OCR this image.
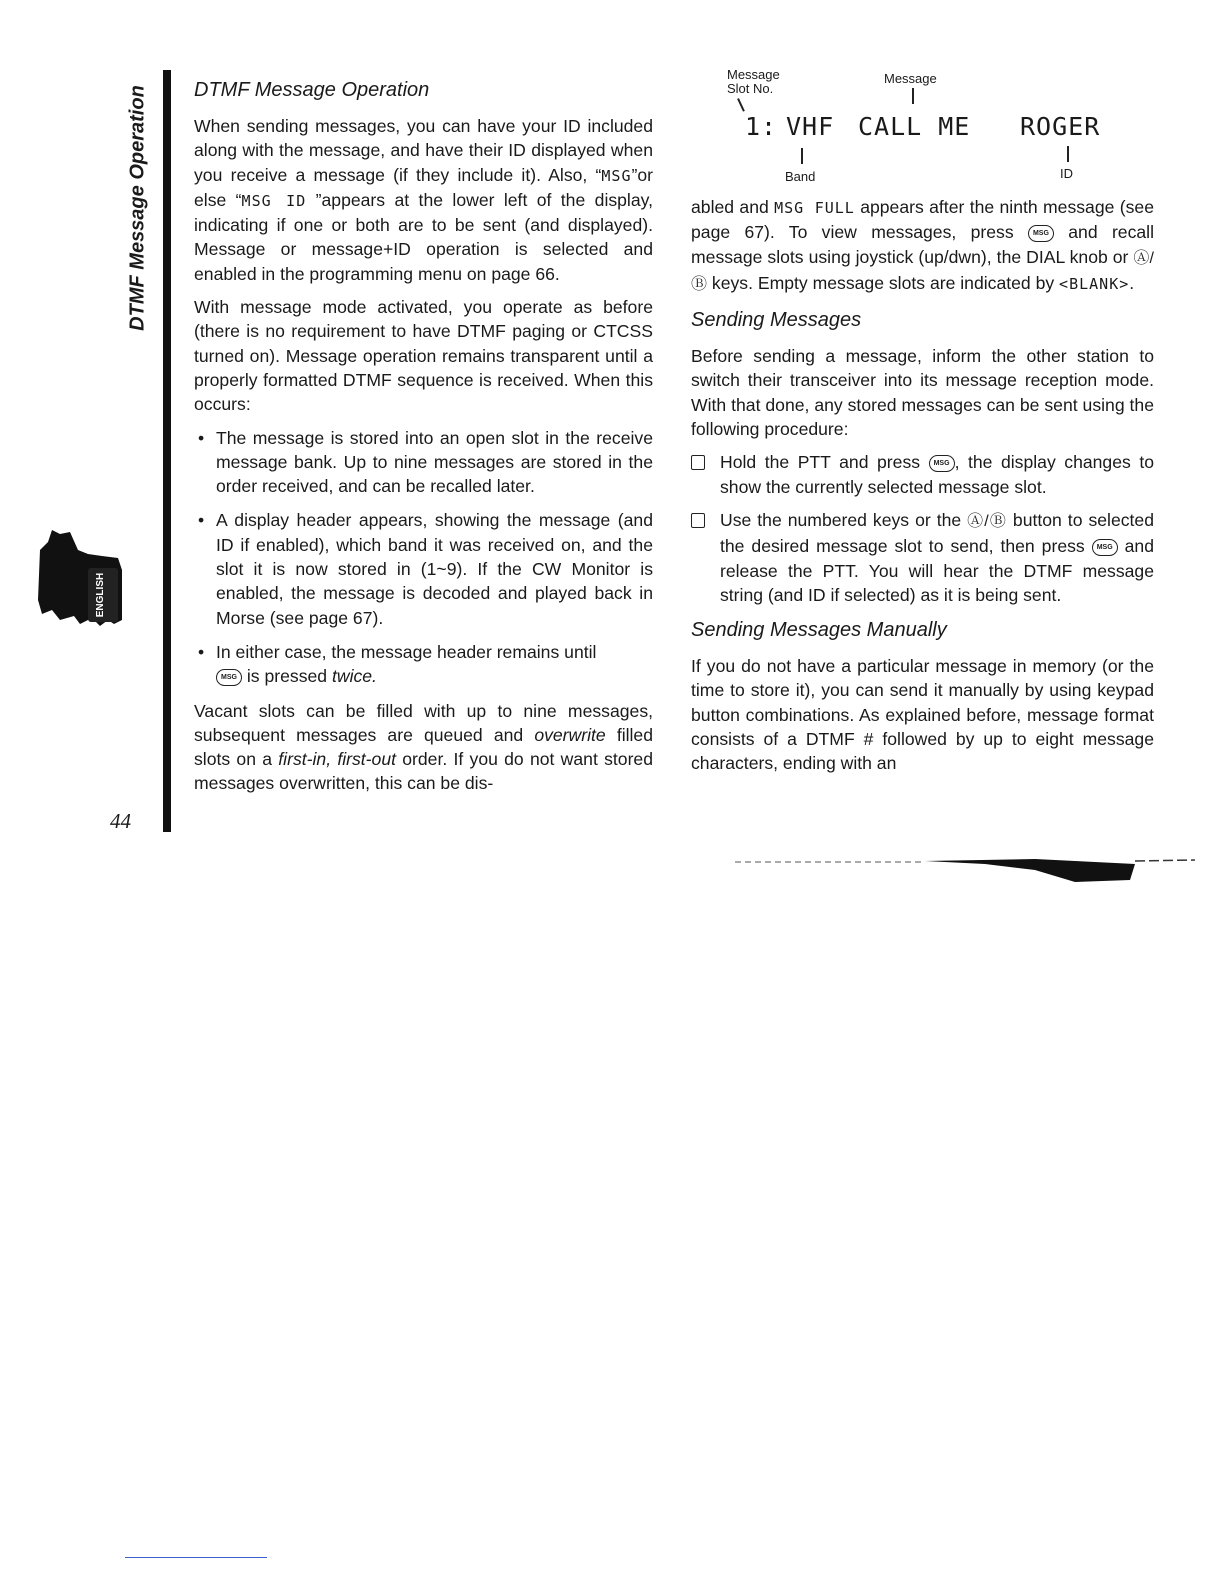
DTMF Message Operation
44
ENGLISH
DTMF Message Operation

When sending messages, you can have your ID included along with the message, and have their ID displayed when you receive a message (if they include it). Also, “MSG”or else “MSG ID ”appears at the lower left of the display, indicating if one or both are to be sent (and displayed). Message or message+ID operation is selected and enabled in the programming menu on page 66.

With message mode activated, you operate as before (there is no requirement to have DTMF paging or CTCSS turned on). Message operation remains transparent until a properly formatted DTMF sequence is received. When this occurs:

• The message is stored into an open slot in the receive message bank. Up to nine messages are stored in the order received, and can be recalled later.
• A display header appears, showing the message (and ID if enabled), which band it was received on, and the slot it is now stored in (1~9). If the CW Monitor is enabled, the message is decoded and played back in Morse (see page 67).
• In either case, the message header remains until
MSG is pressed twice.

Vacant slots can be filled with up to nine messages, subsequent messages are queued and overwrite filled slots on a first-in, first-out order. If you do not want stored messages overwritten, this can be dis-

Message
Slot No.
Message
1: VHF CALL ME ROGER
Band	ID

abled and MSG FULL appears after the ninth message (see page 67). To view messages, press MSG and recall message slots using joystick (up/dwn), the DIAL knob or Ⓐ/Ⓑ keys. Empty message slots are indicated by <BLANK>.

Sending Messages

Before sending a message, inform the other station to switch their transceiver into its message reception mode. With that done, any stored messages can be sent using the following procedure:

Hold the PTT and press MSG , the display changes to show the currently selected message slot.
Use the numbered keys or the Ⓐ/Ⓑ button to selected the desired message slot to send, then press MSG and release the PTT. You will hear the DTMF message string (and ID if selected) as it is being sent.
Sending Messages Manually

If you do not have a particular message in memory (or the time to store it), you can send it manually by using keypad button combinations. As explained before, message format consists of a DTMF # followed by up to eight message characters, ending with an
